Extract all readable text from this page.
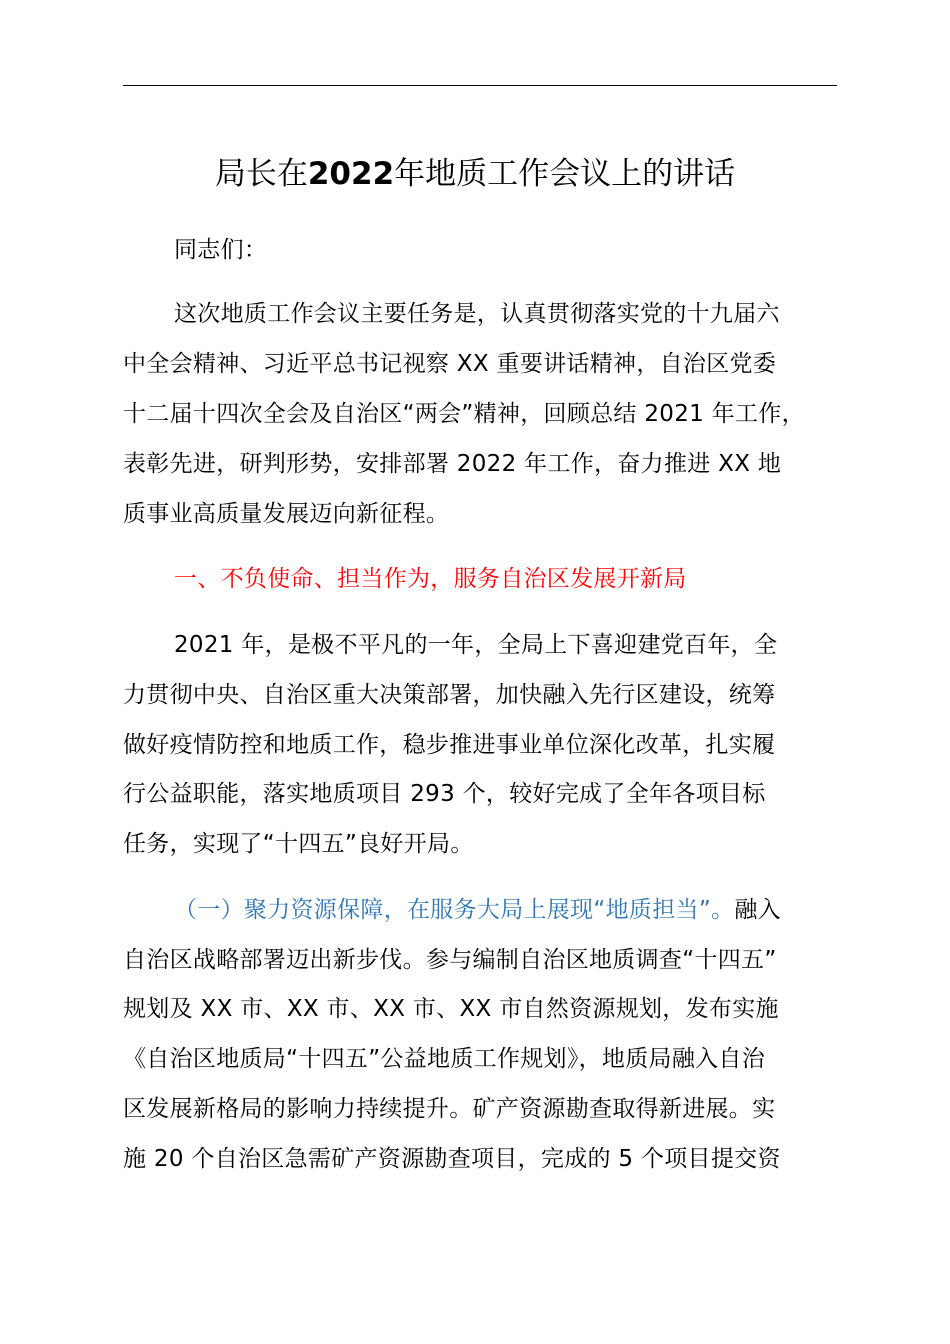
局长在2022年地质工作会议上的讲话
同志们：
这次地质工作会议主要任务是，认真贯彻落实党的十九届六
中全会精神、习近平总书记视察 XX 重要讲话精神，自治区党委
十二届十四次全会及自治区“两会”精神，回顾总结 2021 年工作，
表彰先进，研判形势，安排部署 2022 年工作，奋力推进 XX 地
质事业高质量发展迈向新征程。
一、不负使命、担当作为，服务自治区发展开新局
2021 年，是极不平凡的一年，全局上下喜迎建党百年，全
力贯彻中央、自治区重大决策部署，加快融入先行区建设，统筹
做好疫情防控和地质工作，稳步推进事业单位深化改革，扎实履
行公益职能，落实地质项目 293 个，较好完成了全年各项目标
任务，实现了“十四五”良好开局。
（一）聚力资源保障，在服务大局上展现“地质担当”。融入
自治区战略部署迈出新步伐。参与编制自治区地质调查“十四五”
规划及 XX 市、XX 市、XX 市、XX 市自然资源规划，发布实施
《自治区地质局“十四五”公益地质工作规划》，地质局融入自治
区发展新格局的影响力持续提升。矿产资源勘查取得新进展。实
施 20 个自治区急需矿产资源勘查项目，完成的 5 个项目提交资
